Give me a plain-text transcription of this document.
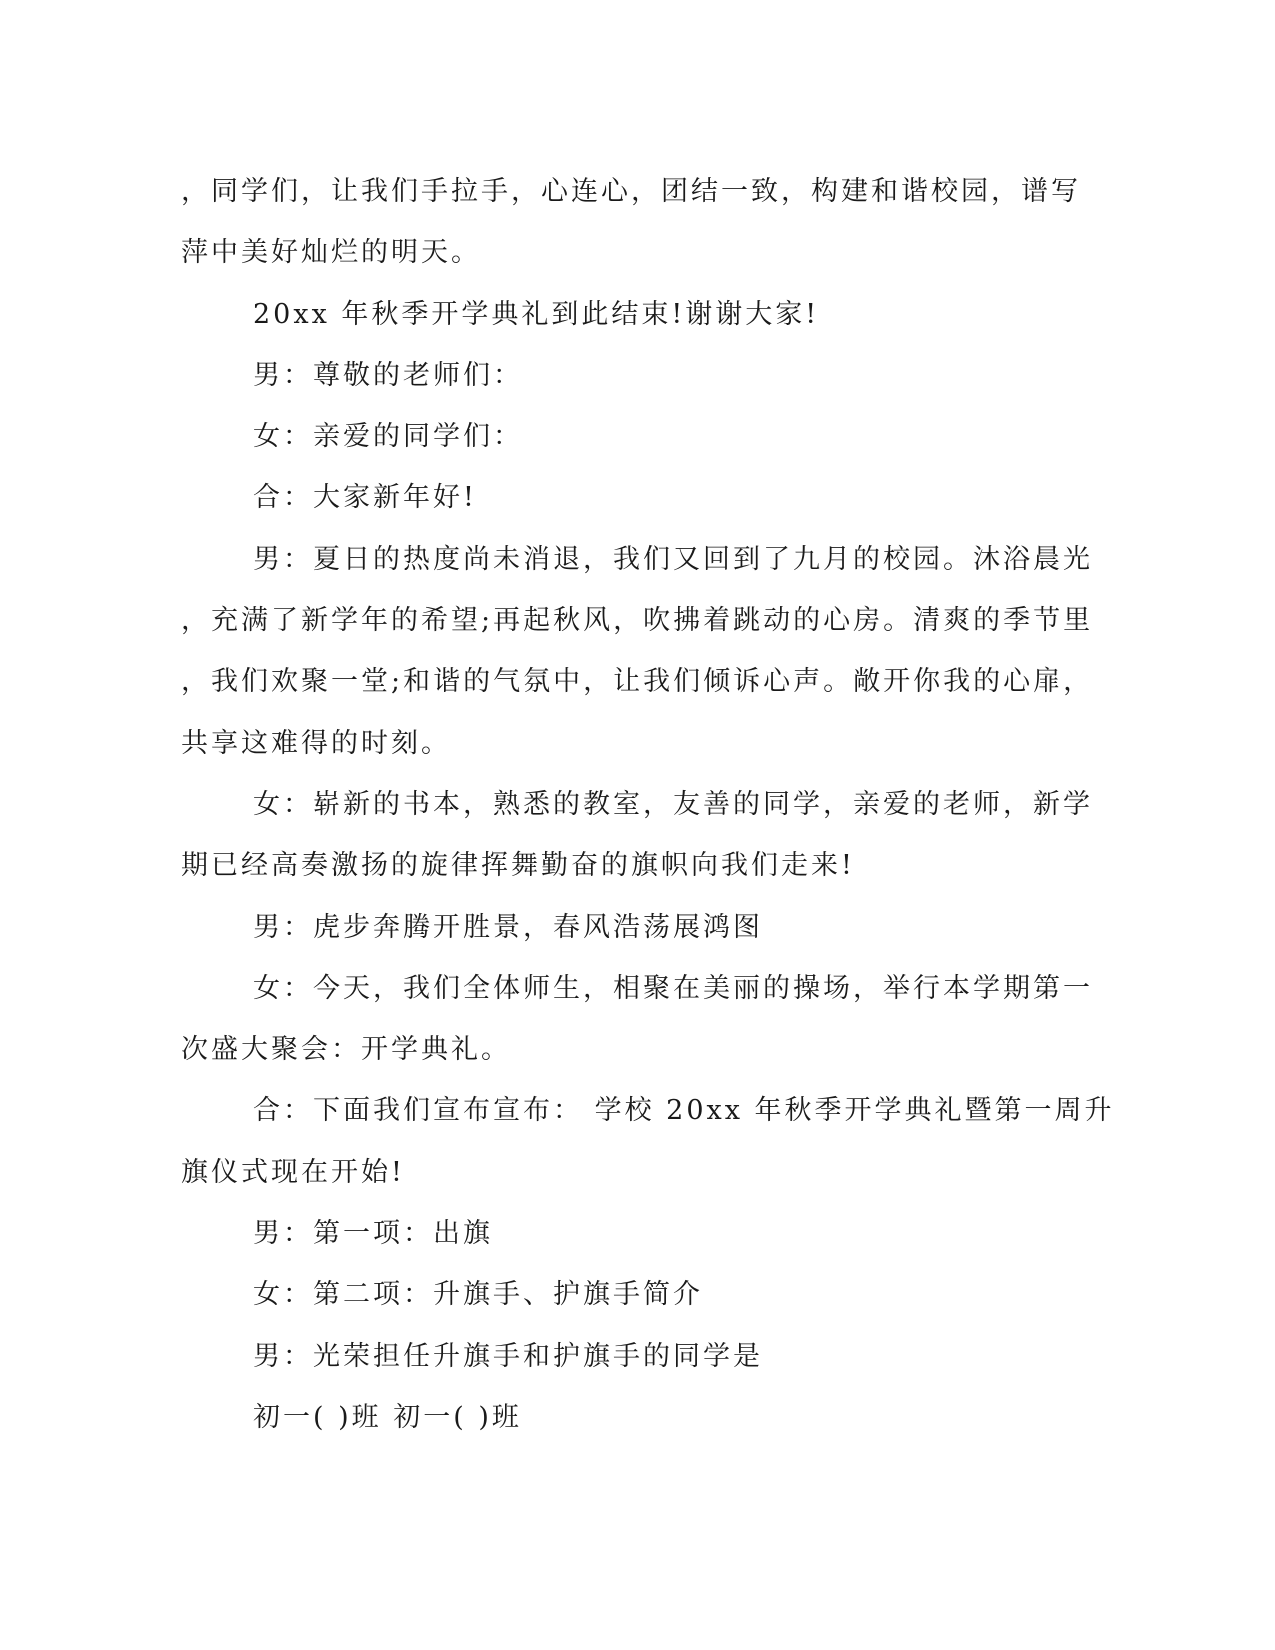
，同学们，让我们手拉手，心连心，团结一致，构建和谐校园，谱写
萍中美好灿烂的明天。
20xx 年秋季开学典礼到此结束!谢谢大家!
男：尊敬的老师们：
女：亲爱的同学们：
合：大家新年好!
男：夏日的热度尚未消退，我们又回到了九月的校园。沐浴晨光
，充满了新学年的希望;再起秋风，吹拂着跳动的心房。清爽的季节里
，我们欢聚一堂;和谐的气氛中，让我们倾诉心声。敞开你我的心扉，
共享这难得的时刻。
女：崭新的书本，熟悉的教室，友善的同学，亲爱的老师，新学
期已经高奏激扬的旋律挥舞勤奋的旗帜向我们走来!
男：虎步奔腾开胜景，春风浩荡展鸿图
女：今天，我们全体师生，相聚在美丽的操场，举行本学期第一
次盛大聚会：开学典礼。
合：下面我们宣布宣布： 学校 20xx 年秋季开学典礼暨第一周升
旗仪式现在开始!
男：第一项：出旗
女：第二项：升旗手、护旗手简介
男：光荣担任升旗手和护旗手的同学是
初一( )班 初一( )班
